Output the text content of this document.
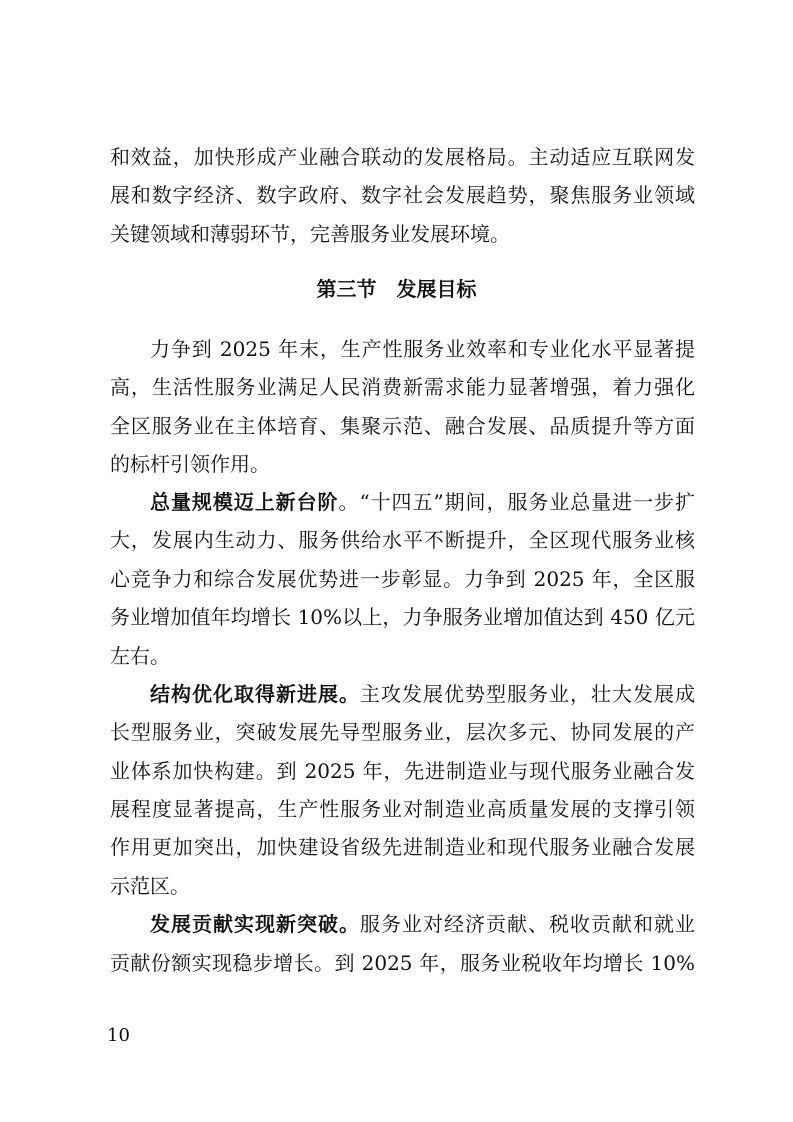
和效益，加快形成产业融合联动的发展格局。主动适应互联网发
展和数字经济、数字政府、数字社会发展趋势，聚焦服务业领域
关键领域和薄弱环节，完善服务业发展环境。
第三节　发展目标
力争到 2025 年末，生产性服务业效率和专业化水平显著提
高，生活性服务业满足人民消费新需求能力显著增强，着力强化
全区服务业在主体培育、集聚示范、融合发展、品质提升等方面
的标杆引领作用。
总量规模迈上新台阶。“十四五”期间，服务业总量进一步扩
大，发展内生动力、服务供给水平不断提升，全区现代服务业核
心竞争力和综合发展优势进一步彰显。力争到 2025 年，全区服
务业增加值年均增长 10%以上，力争服务业增加值达到 450 亿元
左右。
结构优化取得新进展。主攻发展优势型服务业，壮大发展成
长型服务业，突破发展先导型服务业，层次多元、协同发展的产
业体系加快构建。到 2025 年，先进制造业与现代服务业融合发
展程度显著提高，生产性服务业对制造业高质量发展的支撑引领
作用更加突出，加快建设省级先进制造业和现代服务业融合发展
示范区。
发展贡献实现新突破。服务业对经济贡献、税收贡献和就业
贡献份额实现稳步增长。到 2025 年，服务业税收年均增长 10%
10
